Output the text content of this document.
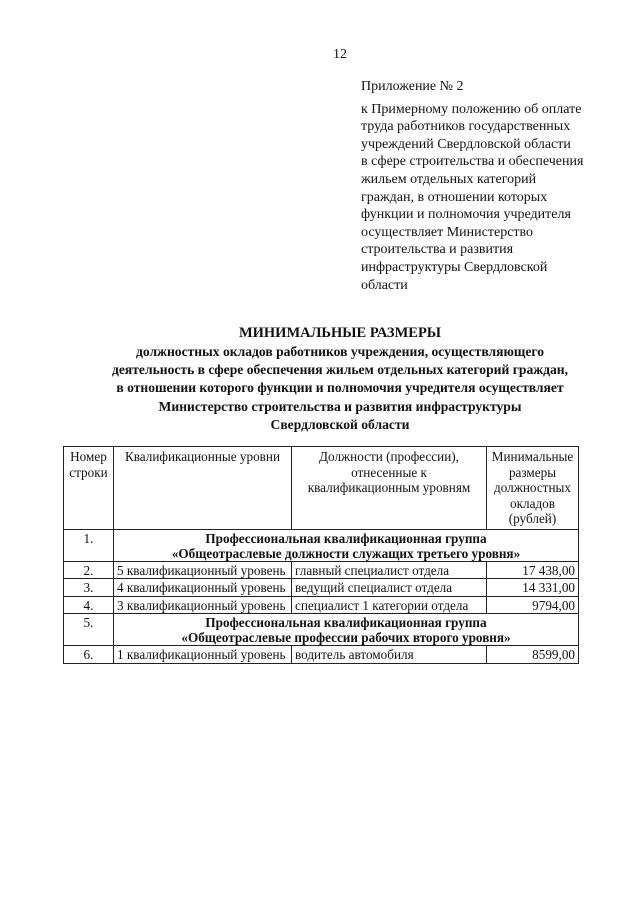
12
Приложение № 2
к Примерному положению об оплате
труда работников государственных
учреждений Свердловской области
в сфере строительства и обеспечения
жильем отдельных категорий
граждан, в отношении которых
функции и полномочия учредителя
осуществляет Министерство
строительства и развития
инфраструктуры Свердловской
области
МИНИМАЛЬНЫЕ РАЗМЕРЫ
должностных окладов работников учреждения, осуществляющего
деятельность в сфере обеспечения жильем отдельных категорий граждан,
в отношении которого функции и полномочия учредителя осуществляет
Министерство строительства и развития инфраструктуры
Свердловской области
Номер строки	Квалификационные уровни	Должности (профессии), отнесенные к квалификационным уровням	Минимальные размеры должностных окладов (рублей)
1.	Профессиональная квалификационная группа
«Общеотраслевые должности служащих третьего уровня»		

2.	5 квалификационный уровень	главный специалист отдела	17 438,00
3.	4 квалификационный уровень	ведущий специалист отдела	14 331,00
4.	3 квалификационный уровень	специалист 1 категории отдела	9794,00
5.	Профессиональная квалификационная группа
«Общеотраслевые профессии рабочих второго уровня»		

6.	1 квалификационный уровень	водитель автомобиля	8599,00
